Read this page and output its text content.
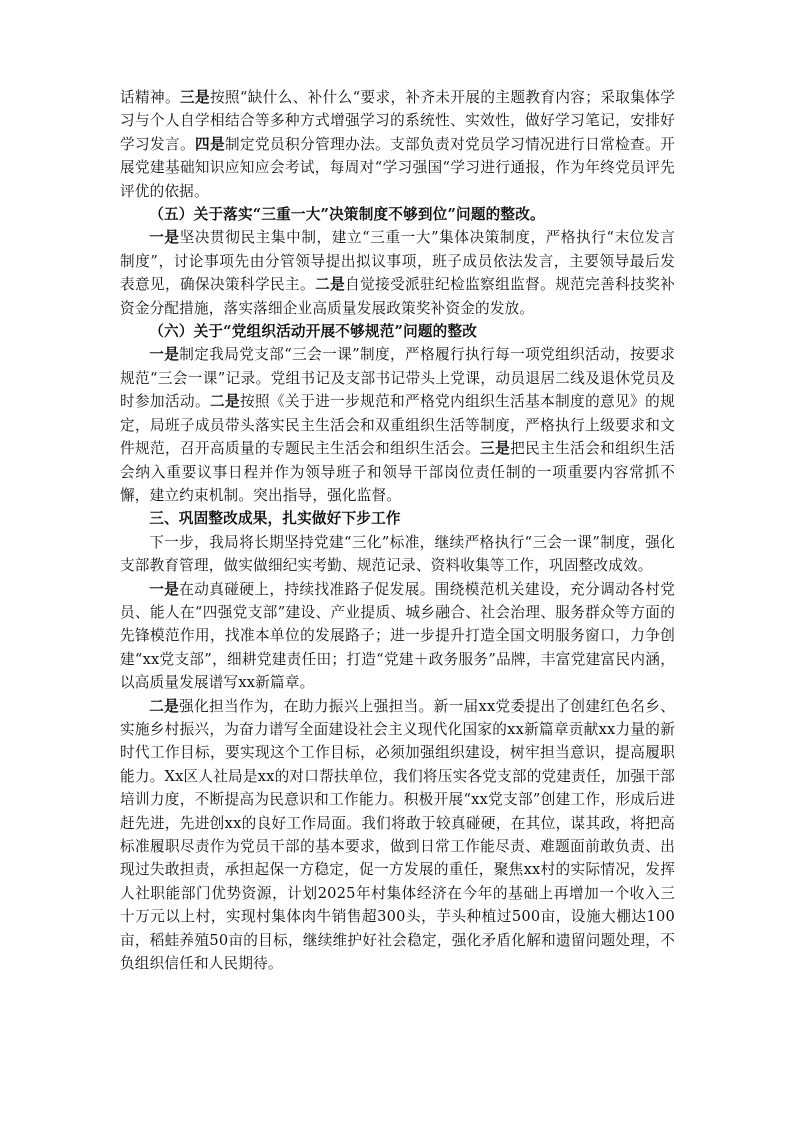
话精神。三是按照“缺什么、补什么“要求，补齐未开展的主题教育内容；采取集体学习与个人自学相结合等多种方式增强学习的系统性、实效性，做好学习笔记，安排好学习发言。四是制定党员积分管理办法。支部负责对党员学习情况进行日常检查。开展党建基础知识应知应会考试，每周对“学习强国“学习进行通报，作为年终党员评先评优的依据。

（五）关于落实“三重一大”决策制度不够到位”问题的整改。

一是坚决贯彻民主集中制，建立“三重一大”集体决策制度，严格执行“末位发言制度”，讨论事项先由分管领导提出拟议事项，班子成员依法发言，主要领导最后发表意见，确保决策科学民主。二是自觉接受派驻纪检监察组监督。规范完善科技奖补资金分配措施，落实落细企业高质量发展政策奖补资金的发放。

（六）关于“党组织活动开展不够规范”问题的整改

一是制定我局党支部“三会一课”制度，严格履行执行每一项党组织活动，按要求规范“三会一课”记录。党组书记及支部书记带头上党课，动员退居二线及退休党员及时参加活动。二是按照《关于进一步规范和严格党内组织生活基本制度的意见》的规定，局班子成员带头落实民主生活会和双重组织生活等制度，严格执行上级要求和文件规范，召开高质量的专题民主生活会和组织生活会。三是把民主生活会和组织生活会纳入重要议事日程并作为领导班子和领导干部岗位责任制的一项重要内容常抓不懈，建立约束机制。突出指导，强化监督。

三、巩固整改成果，扎实做好下步工作

下一步，我局将长期坚持党建“三化”标准，继续严格执行“三会一课”制度，强化支部教育管理，做实做细纪实考勤、规范记录、资料收集等工作，巩固整改成效。

一是在动真碰硬上，持续找准路子促发展。围绕模范机关建设，充分调动各村党员、能人在“四强党支部”建设、产业提质、城乡融合、社会治理、服务群众等方面的先锋模范作用，找准本单位的发展路子；进一步提升打造全国文明服务窗口，力争创建“xx党支部”，细耕党建责任田；打造“党建＋政务服务”品牌，丰富党建富民内涵，以高质量发展谱写xx新篇章。

二是强化担当作为，在助力振兴上强担当。新一届xx党委提出了创建红色名乡、实施乡村振兴，为奋力谱写全面建设社会主义现代化国家的xx新篇章贡献xx力量的新时代工作目标，要实现这个工作目标，必须加强组织建设，树牢担当意识，提高履职能力。Xx区人社局是xx的对口帮扶单位，我们将压实各党支部的党建责任，加强干部培训力度，不断提高为民意识和工作能力。积极开展“xx党支部”创建工作，形成后进赶先进，先进创xx的良好工作局面。我们将敢于较真碰硬，在其位，谋其政，将把高标准履职尽责作为党员干部的基本要求，做到日常工作能尽责、难题面前敢负责、出现过失敢担责，承担起保一方稳定，促一方发展的重任，聚焦xx村的实际情况，发挥人社职能部门优势资源，计划2025年村集体经济在今年的基础上再增加一个收入三十万元以上村，实现村集体肉牛销售超300头，芋头种植过500亩，设施大棚达100亩，稻蛙养殖50亩的目标，继续维护好社会稳定，强化矛盾化解和遗留问题处理，不负组织信任和人民期待。
